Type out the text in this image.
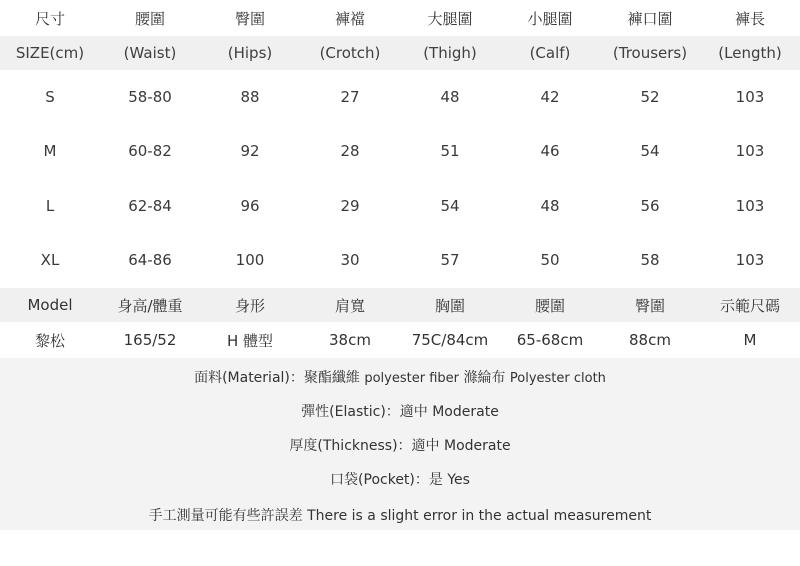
尺寸	腰圍	臀圍	褲襠	大腿圍	小腿圍	褲口圍	褲長
SIZE(cm)	(Waist)	(Hips)	(Crotch)	(Thigh)	(Calf)	(Trousers)	(Length)
S	58-80	88	27	48	42	52	103
M	60-82	92	28	51	46	54	103
L	62-84	96	29	54	48	56	103
XL	64-86	100	30	57	50	58	103
Model	身高/體重	身形	肩寬	胸圍	腰圍	臀圍	示範尺碼
黎松	165/52	H 體型	38cm	75C/84cm	65-68cm	88cm	M
面料(Material)：聚酯纖維 polyester fiber 滌綸布 Polyester cloth
彈性(Elastic)：適中 Moderate
厚度(Thickness)：適中 Moderate
口袋(Pocket)：是 Yes
手工測量可能有些許誤差 There is a slight error in the actual measurement
